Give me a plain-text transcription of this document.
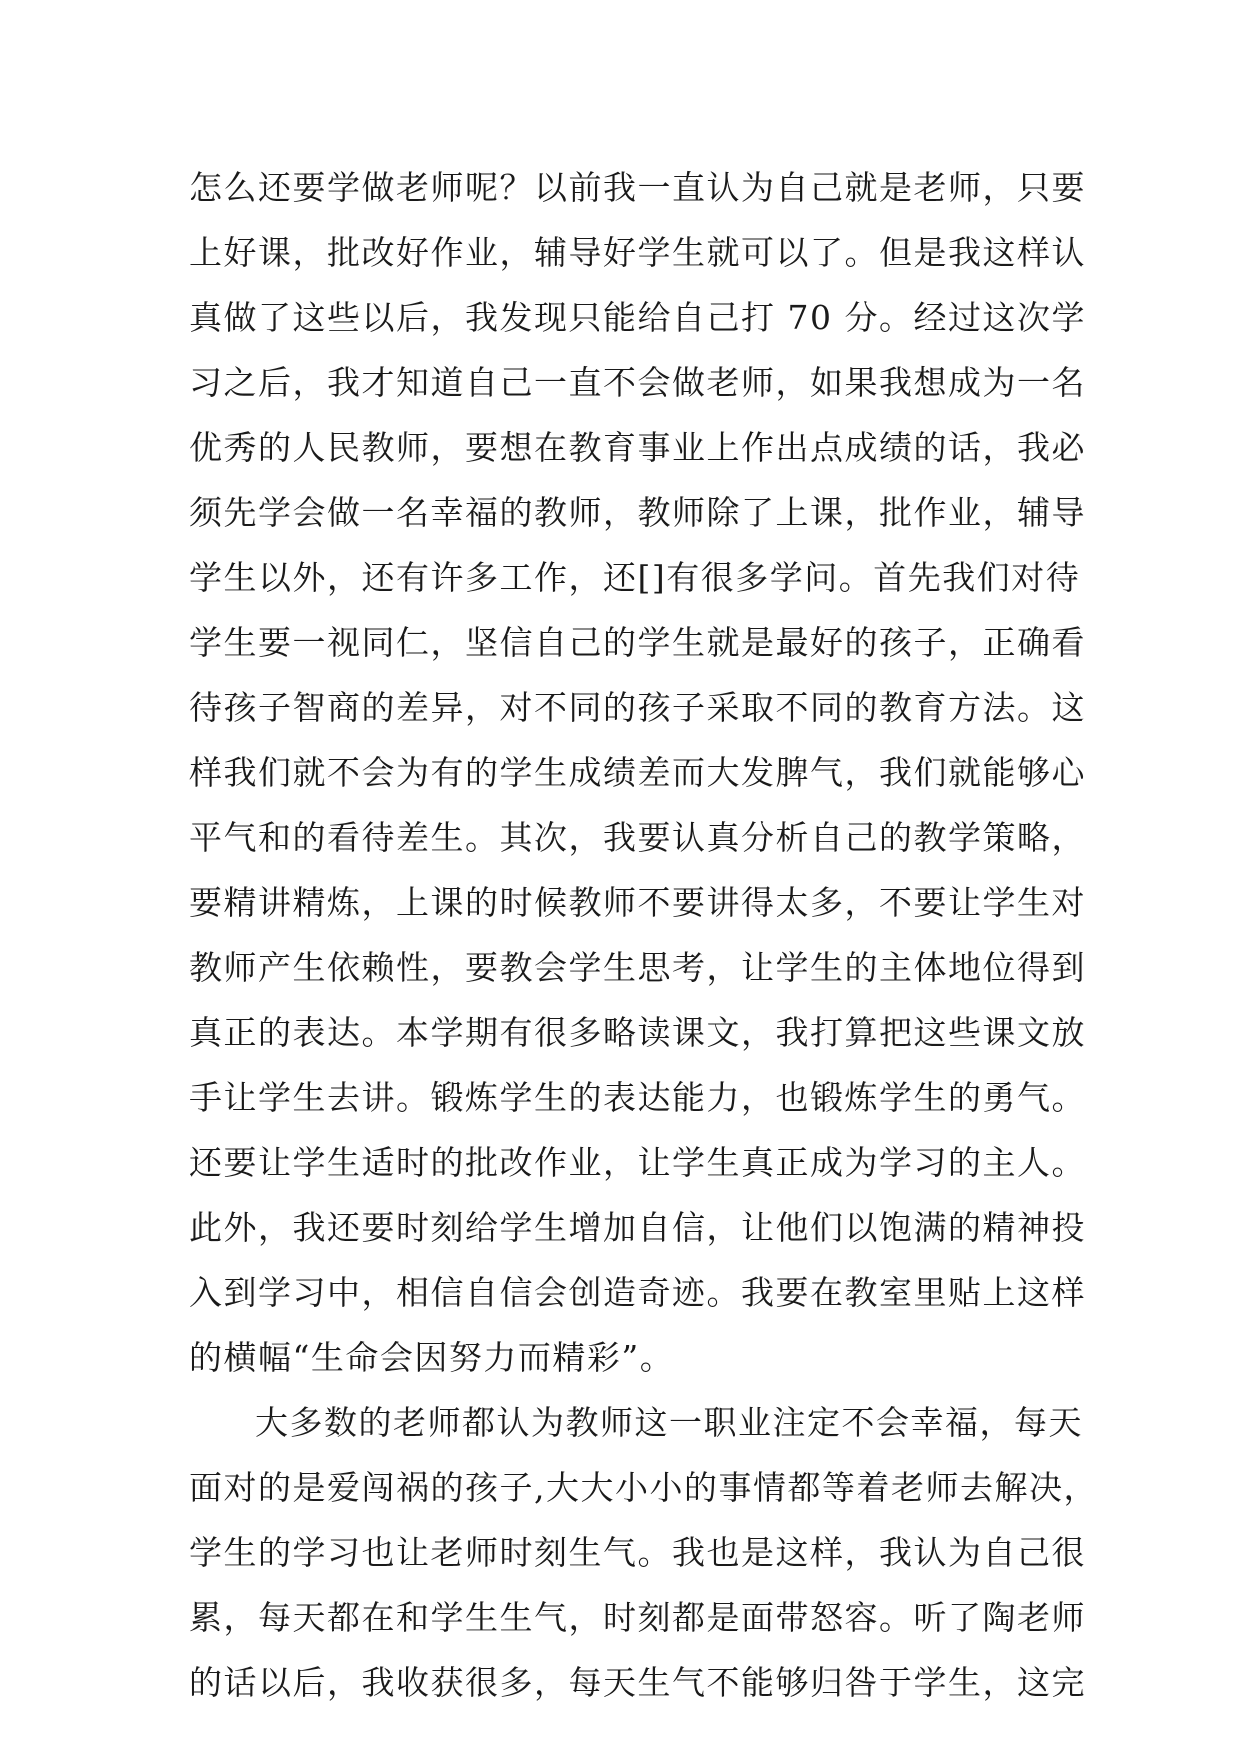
怎么还要学做老师呢？以前我一直认为自己就是老师，只要
上好课，批改好作业，辅导好学生就可以了。但是我这样认
真做了这些以后，我发现只能给自己打 70 分。经过这次学
习之后，我才知道自己一直不会做老师，如果我想成为一名
优秀的人民教师，要想在教育事业上作出点成绩的话，我必
须先学会做一名幸福的教师，教师除了上课，批作业，辅导
学生以外，还有许多工作，还[]有很多学问。首先我们对待
学生要一视同仁，坚信自己的学生就是最好的孩子，正确看
待孩子智商的差异，对不同的孩子采取不同的教育方法。这
样我们就不会为有的学生成绩差而大发脾气，我们就能够心
平气和的看待差生。其次，我要认真分析自己的教学策略，
要精讲精炼，上课的时候教师不要讲得太多，不要让学生对
教师产生依赖性，要教会学生思考，让学生的主体地位得到
真正的表达。本学期有很多略读课文，我打算把这些课文放
手让学生去讲。锻炼学生的表达能力，也锻炼学生的勇气。
还要让学生适时的批改作业，让学生真正成为学习的主人。
此外，我还要时刻给学生增加自信，让他们以饱满的精神投
入到学习中，相信自信会创造奇迹。我要在教室里贴上这样
的横幅“生命会因努力而精彩”。
大多数的老师都认为教师这一职业注定不会幸福，每天
面对的是爱闯祸的孩子,大大小小的事情都等着老师去解决，
学生的学习也让老师时刻生气。我也是这样，我认为自己很
累，每天都在和学生生气，时刻都是面带怒容。听了陶老师
的话以后，我收获很多，每天生气不能够归咎于学生，这完
